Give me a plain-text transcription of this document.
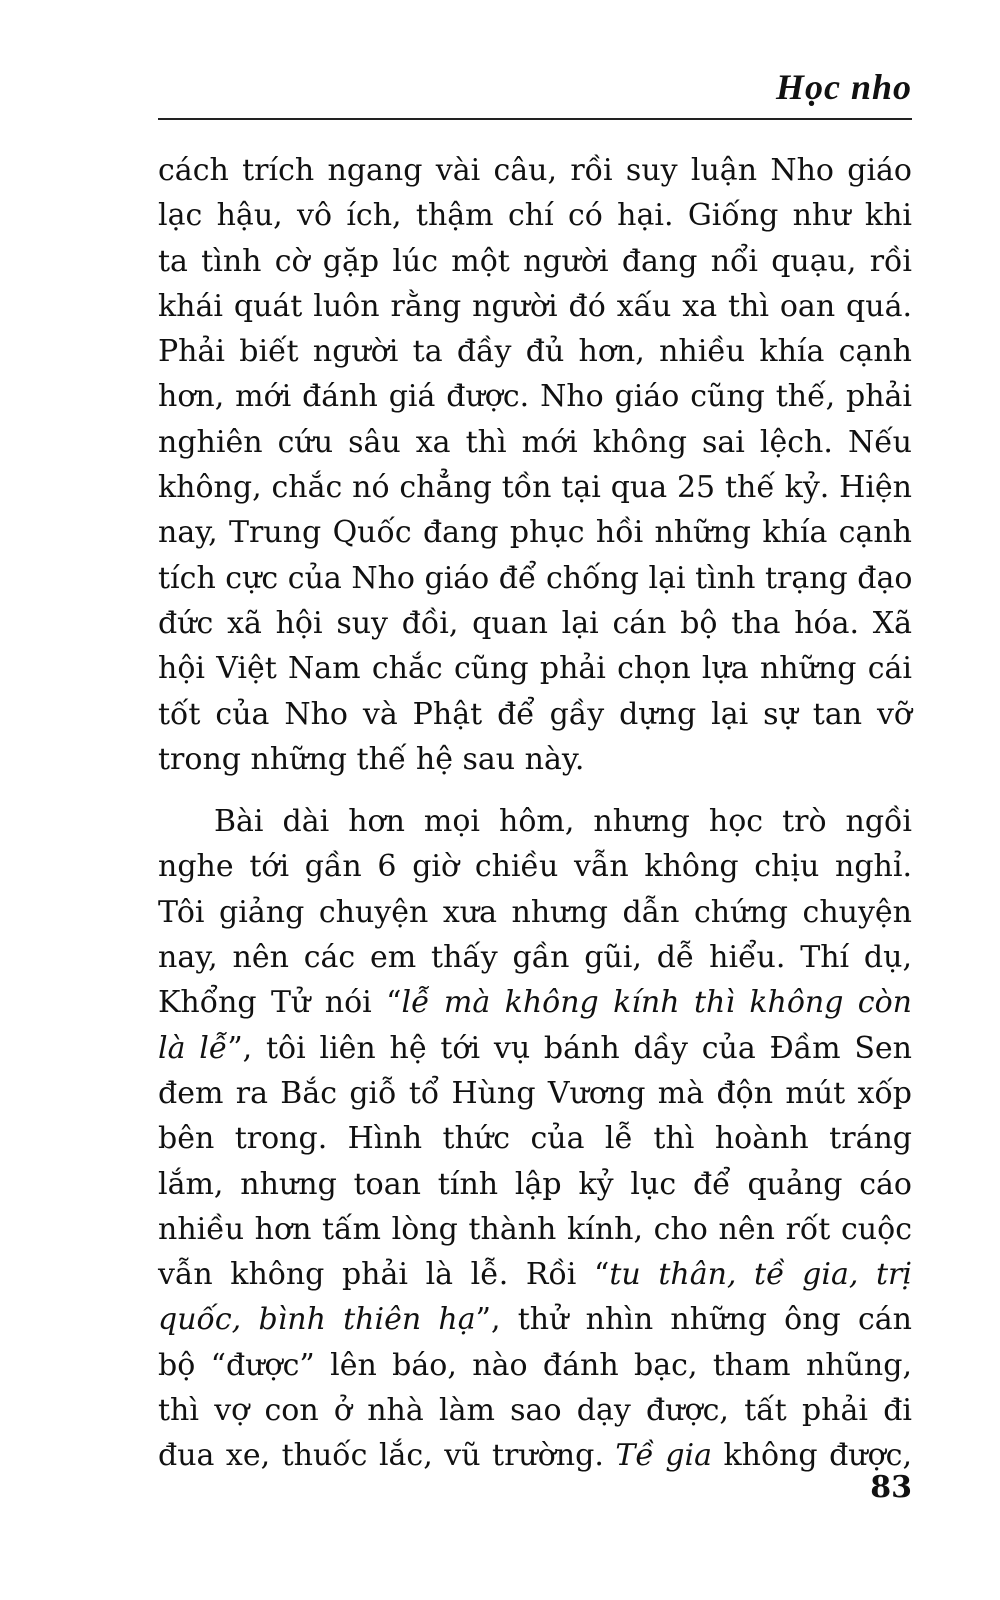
Học nho
cách trích ngang vài câu, rồi suy luận Nho giáo
lạc hậu, vô ích, thậm chí có hại. Giống như khi
ta tình cờ gặp lúc một người đang nổi quạu, rồi
khái quát luôn rằng người đó xấu xa thì oan quá.
Phải biết người ta đầy đủ hơn, nhiều khía cạnh
hơn, mới đánh giá được. Nho giáo cũng thế, phải
nghiên cứu sâu xa thì mới không sai lệch. Nếu
không, chắc nó chẳng tồn tại qua 25 thế kỷ. Hiện
nay, Trung Quốc đang phục hồi những khía cạnh
tích cực của Nho giáo để chống lại tình trạng đạo
đức xã hội suy đồi, quan lại cán bộ tha hóa. Xã
hội Việt Nam chắc cũng phải chọn lựa những cái
tốt của Nho và Phật để gầy dựng lại sự tan vỡ
trong những thế hệ sau này.
Bài dài hơn mọi hôm, nhưng học trò ngồi
nghe tới gần 6 giờ chiều vẫn không chịu nghỉ.
Tôi giảng chuyện xưa nhưng dẫn chứng chuyện
nay, nên các em thấy gần gũi, dễ hiểu. Thí dụ,
Khổng Tử nói “lễ mà không kính thì không còn
là lễ”, tôi liên hệ tới vụ bánh dầy của Đầm Sen
đem ra Bắc giỗ tổ Hùng Vương mà độn mút xốp
bên trong. Hình thức của lễ thì hoành tráng
lắm, nhưng toan tính lập kỷ lục để quảng cáo
nhiều hơn tấm lòng thành kính, cho nên rốt cuộc
vẫn không phải là lễ. Rồi “tu thân, tề gia, trị
quốc, bình thiên hạ”, thử nhìn những ông cán
bộ “được” lên báo, nào đánh bạc, tham nhũng,
thì vợ con ở nhà làm sao dạy được, tất phải đi
đua xe, thuốc lắc, vũ trường. Tề gia không được,
83
